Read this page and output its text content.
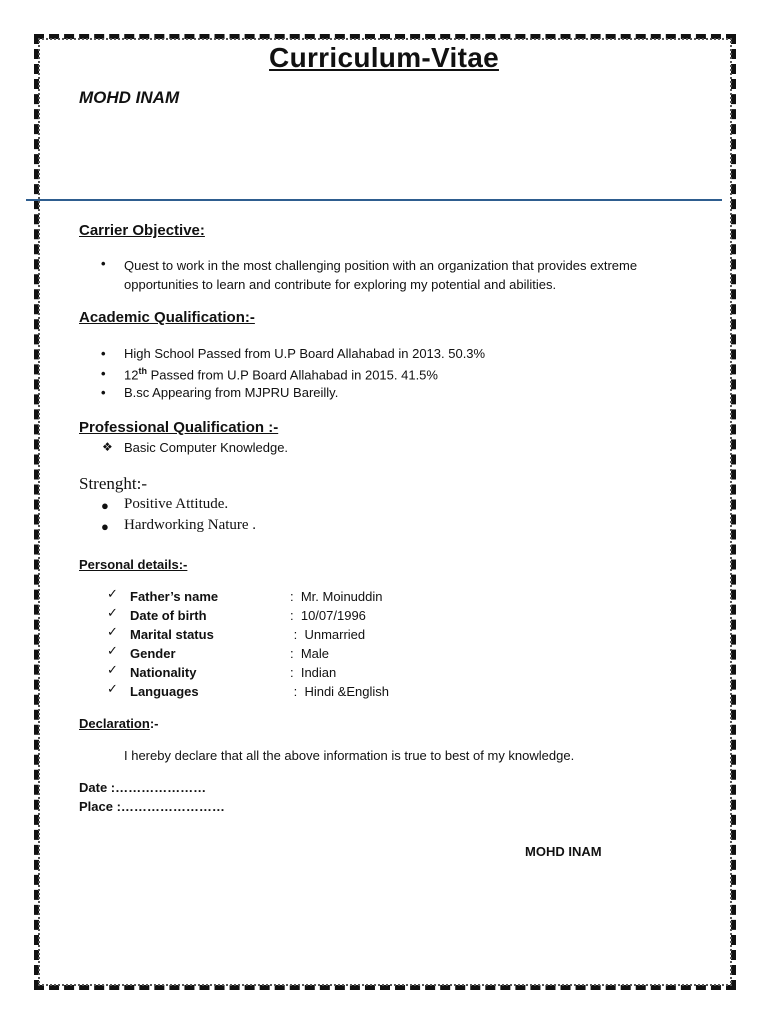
Curriculum-Vitae
MOHD INAM
Carrier Objective:
• Quest to work in the most challenging position with an organization that provides extreme opportunities to learn and contribute for exploring my potential and abilities.
Academic Qualification:-
• High School Passed from U.P Board Allahabad in 2013. 50.3%
• 12th Passed from U.P Board Allahabad in 2015. 41.5%
• B.sc Appearing from MJPRU Bareilly.
Professional Qualification :-
❖ Basic Computer Knowledge.
Strenght:-
● Positive Attitude.
● Hardworking Nature .
Personal details:-
✓ Father’s name	:  Mr. Moinuddin
✓ Date of birth	:  10/07/1996
✓ Marital status	:  Unmarried
✓ Gender	:  Male
✓ Nationality	:  Indian
✓ Languages	:  Hindi &English
Declaration:-
I hereby declare that all the above information is true to best of my knowledge.
Date :…………………
Place :……………………
MOHD INAM
